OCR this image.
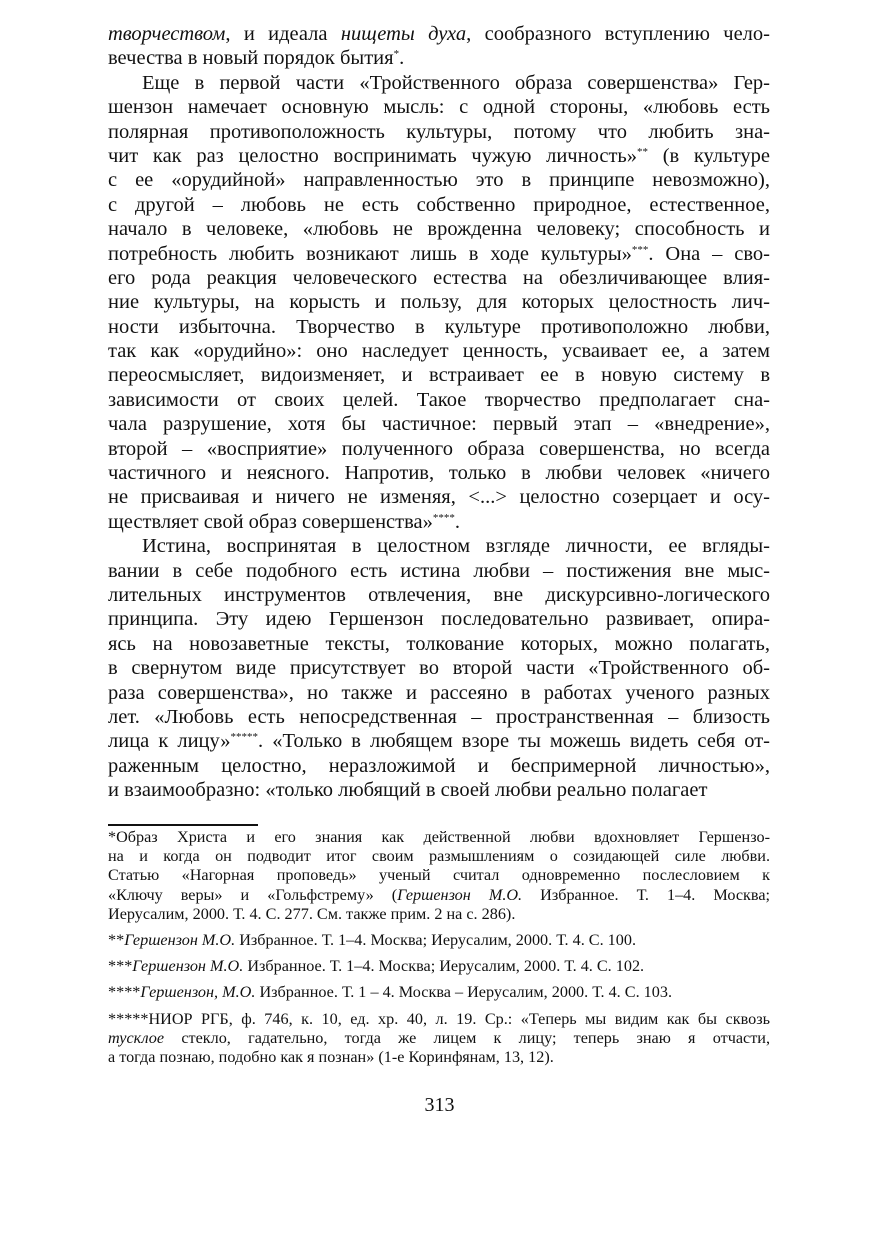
творчеством, и идеала нищеты духа, сообразного вступлению чело-
вечества в новый порядок бытия*.
Еще в первой части «Тройственного образа совершенства» Гер-
шензон намечает основную мысль: с одной стороны, «любовь есть
полярная противоположность культуры, потому что любить зна-
чит как раз целостно воспринимать чужую личность»** (в культуре
с ее «орудийной» направленностью это в принципе невозможно),
с другой – любовь не есть собственно природное, естественное,
начало в человеке, «любовь не врожденна человеку; способность и
потребность любить возникают лишь в ходе культуры»***. Она – сво-
его рода реакция человеческого естества на обезличивающее влия-
ние культуры, на корысть и пользу, для которых целостность лич-
ности избыточна. Творчество в культуре противоположно любви,
так как «орудийно»: оно наследует ценность, усваивает ее, а затем
переосмысляет, видоизменяет, и встраивает ее в новую систему в
зависимости от своих целей. Такое творчество предполагает сна-
чала разрушение, хотя бы частичное: первый этап – «внедрение»,
второй – «восприятие» полученного образа совершенства, но всегда
частичного и неясного. Напротив, только в любви человек «ничего
не присваивая и ничего не изменяя, <...> целостно созерцает и осу-
ществляет свой образ совершенства»****.
Истина, воспринятая в целостном взгляде личности, ее вгляды-
вании в себе подобного есть истина любви – постижения вне мыс-
лительных инструментов отвлечения, вне дискурсивно-логического
принципа. Эту идею Гершензон последовательно развивает, опира-
ясь на новозаветные тексты, толкование которых, можно полагать,
в свернутом виде присутствует во второй части «Тройственного об-
раза совершенства», но также и рассеяно в работах ученого разных
лет. «Любовь есть непосредственная – пространственная – близость
лица к лицу»*****. «Только в любящем взоре ты можешь видеть себя от-
раженным целостно, неразложимой и беспримерной личностью»,
и взаимообразно: «только любящий в своей любви реально полагает
*Образ Христа и его знания как действенной любви вдохновляет Гершензо-
на и когда он подводит итог своим размышлениям о созидающей силе любви.
Статью «Нагорная проповедь» ученый считал одновременно послесловием к
«Ключу веры» и «Гольфстрему» (Гершензон М.О. Избранное. Т. 1–4. Москва;
Иерусалим, 2000. Т. 4. С. 277. См. также прим. 2 на с. 286).
**Гершензон М.О. Избранное. Т. 1–4. Москва; Иерусалим, 2000. Т. 4. С. 100.
***Гершензон М.О. Избранное. Т. 1–4. Москва; Иерусалим, 2000. Т. 4. С. 102.
****Гершензон, М.О. Избранное. Т. 1 – 4. Москва – Иерусалим, 2000. Т. 4. С. 103.
*****НИОР РГБ, ф. 746, к. 10, ед. хр. 40, л. 19. Ср.: «Теперь мы видим как бы сквозь
тусклое стекло, гадательно, тогда же лицем к лицу; теперь знаю я отчасти,
а тогда познаю, подобно как я познан» (1-е Коринфянам, 13, 12).
313
